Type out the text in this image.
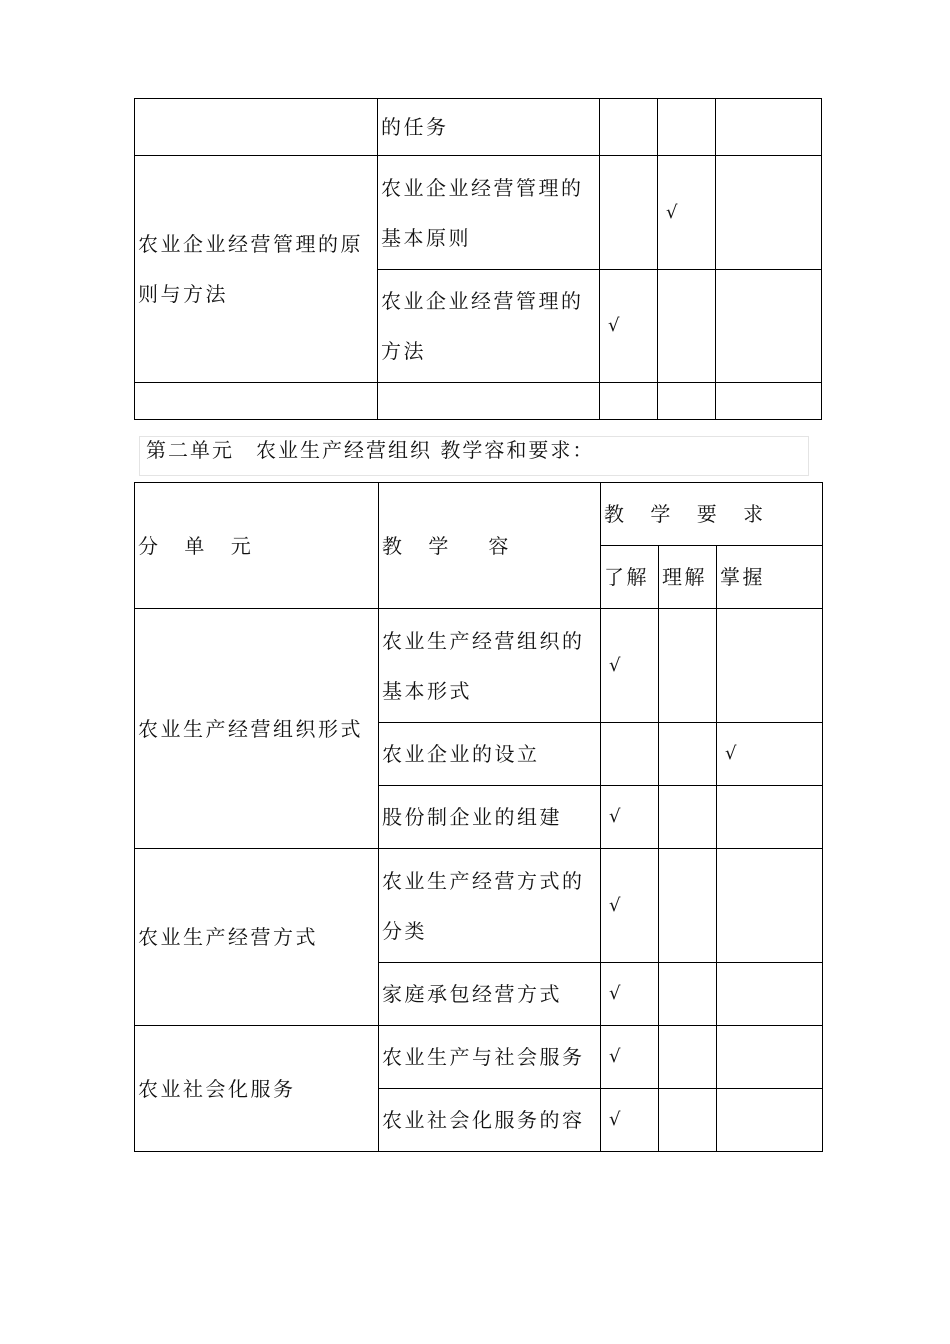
	的任务			
农业企业经营管理的原则与方法	农业企业经营管理的基本原则		√	
	农业企业经营管理的方法	√		

第二单元　农业生产经营组织 教学容和要求：
分 单 元	教 学　容	教 学 要 求		
		了解	理解	掌握
农业生产经营组织形式	农业生产经营组织的基本形式	√		
	农业企业的设立			√
	股份制企业的组建	√		
农业生产经营方式	农业生产经营方式的分类	√		
	家庭承包经营方式	√		
农业社会化服务	农业生产与社会服务	√		
	农业社会化服务的容	√		
